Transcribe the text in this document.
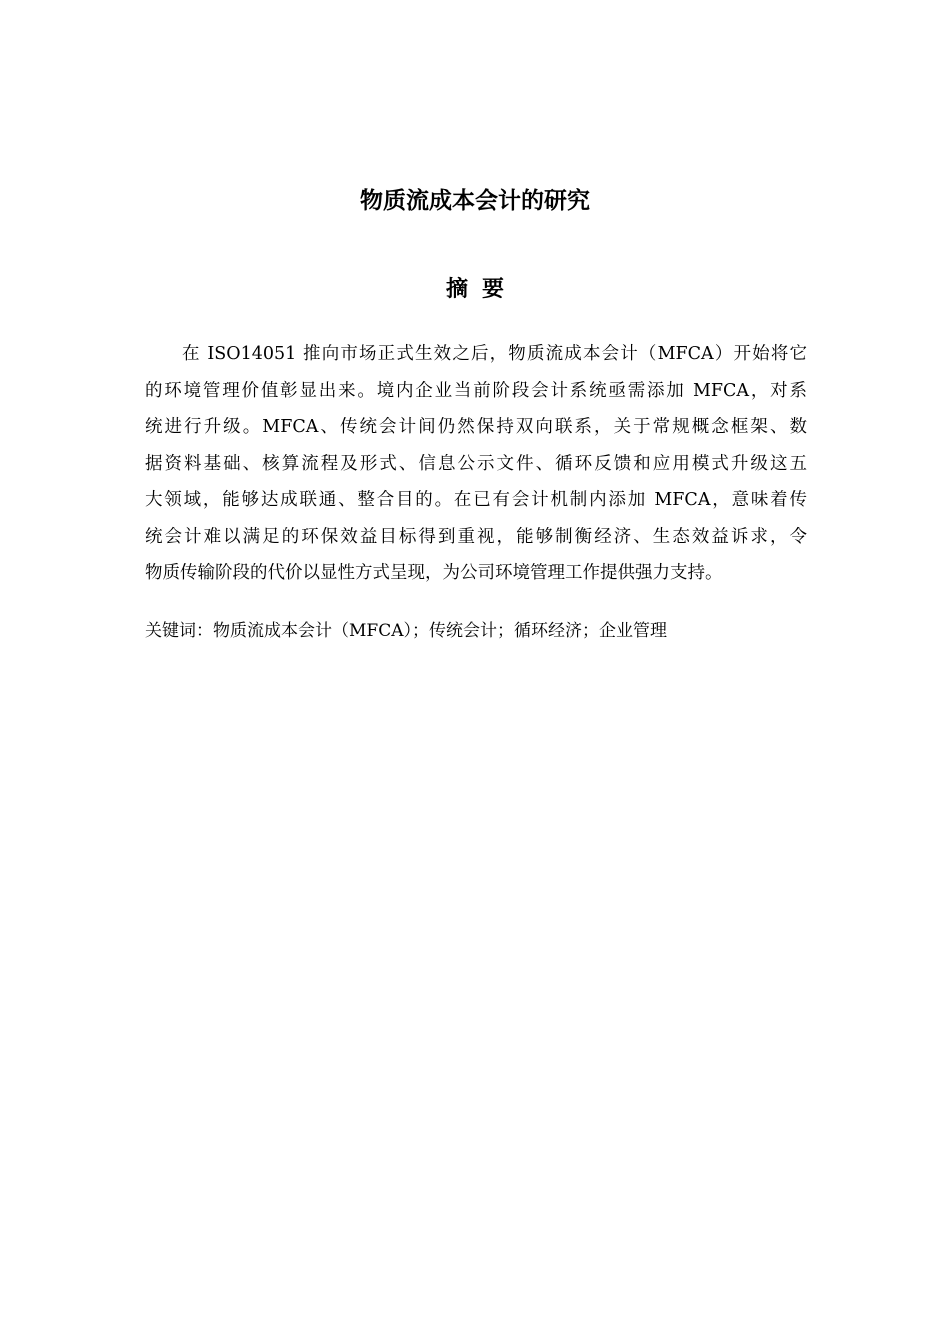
物质流成本会计的研究
摘 要
在 ISO14051 推向市场正式生效之后，物质流成本会计（MFCA）开始将它
的环境管理价值彰显出来。境内企业当前阶段会计系统亟需添加 MFCA，对系
统进行升级。MFCA、传统会计间仍然保持双向联系，关于常规概念框架、数
据资料基础、核算流程及形式、信息公示文件、循环反馈和应用模式升级这五
大领域，能够达成联通、整合目的。在已有会计机制内添加 MFCA，意味着传
统会计难以满足的环保效益目标得到重视，能够制衡经济、生态效益诉求，令
物质传输阶段的代价以显性方式呈现，为公司环境管理工作提供强力支持。
关键词：物质流成本会计（MFCA）；传统会计；循环经济；企业管理
